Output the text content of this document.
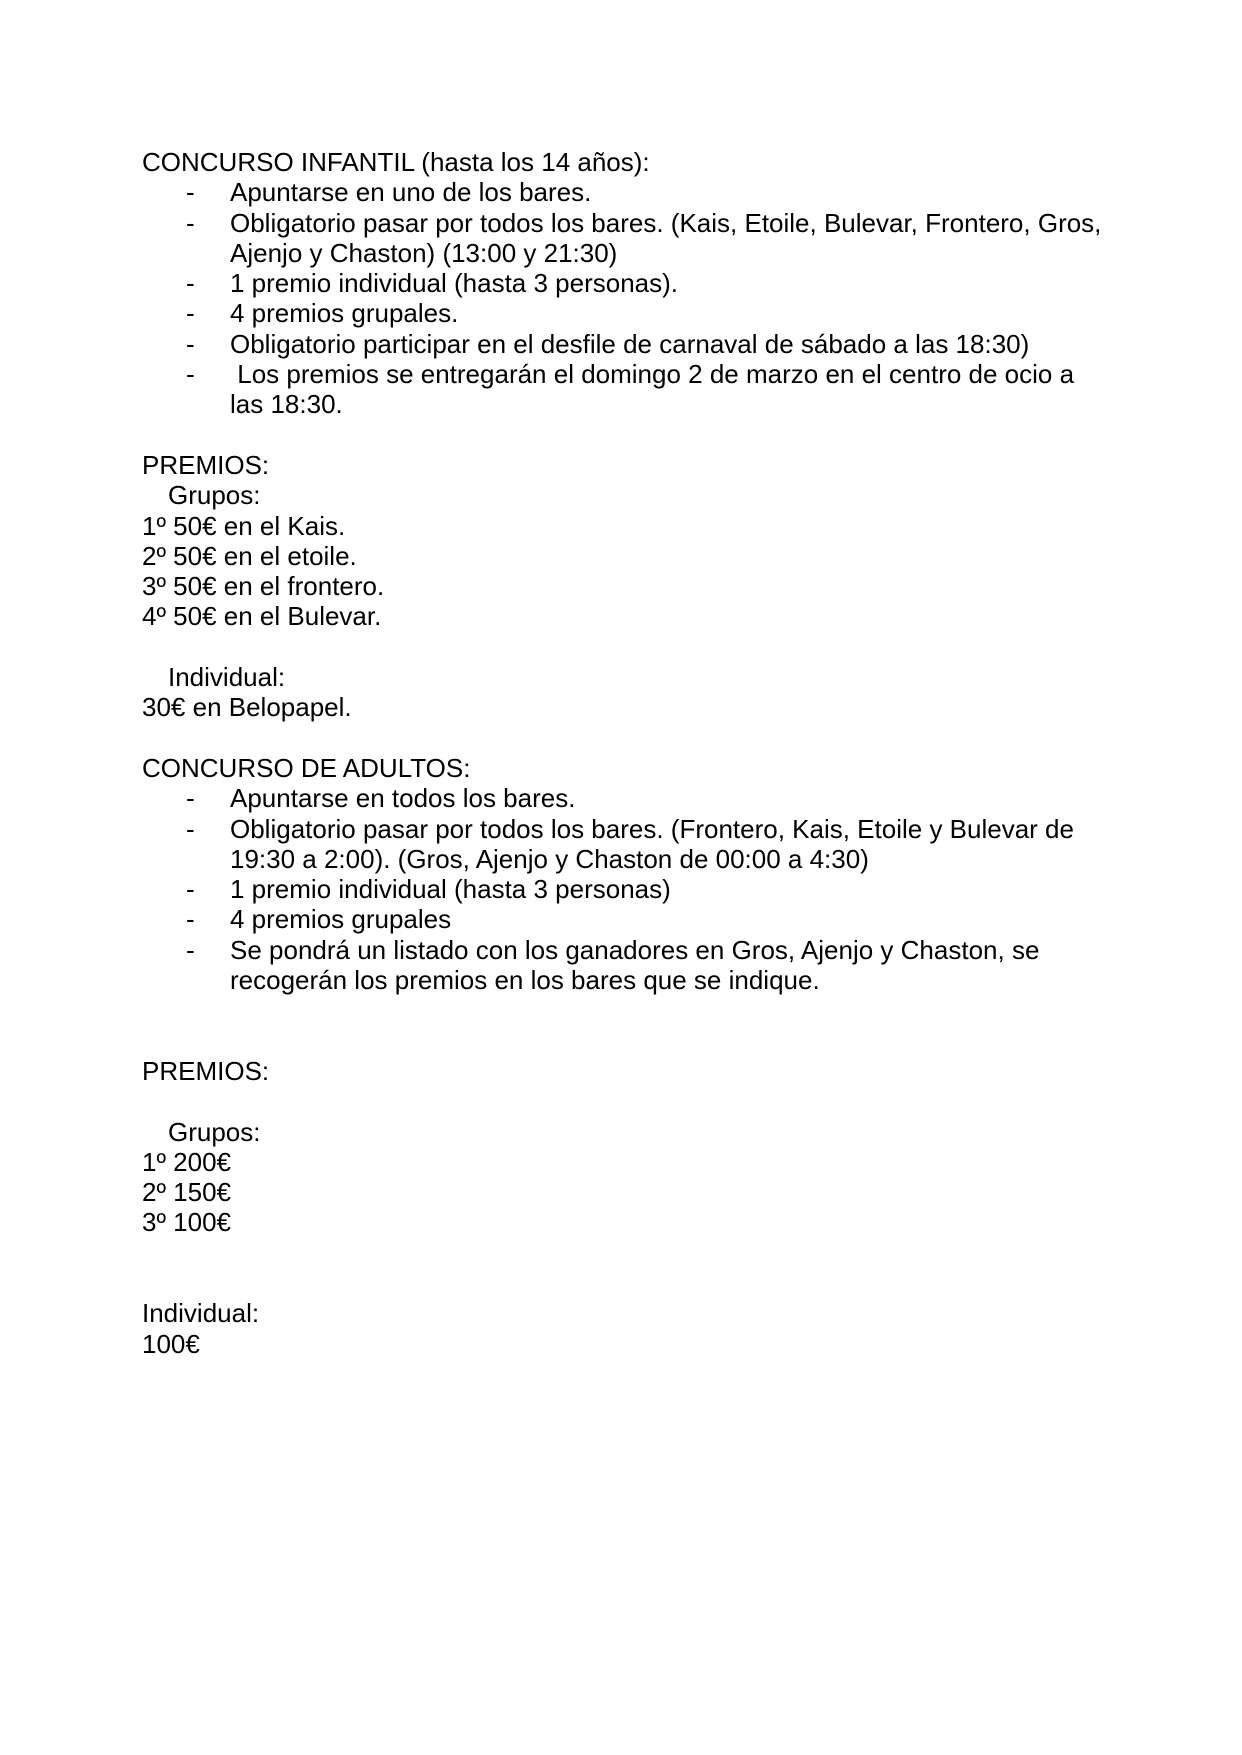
CONCURSO INFANTIL (hasta los 14 años):
-	Apuntarse en uno de los bares.
-	Obligatorio pasar por todos los bares. (Kais, Etoile, Bulevar, Frontero, Gros, Ajenjo y Chaston) (13:00 y 21:30)
-	1 premio individual (hasta 3 personas).
-	4 premios grupales.
-	Obligatorio participar en el desfile de carnaval de sábado a las 18:30)
-	Los premios se entregarán el domingo 2 de marzo en el centro de ocio a las 18:30.
PREMIOS:
Grupos:
1º 50€ en el Kais.
2º 50€ en el etoile.
3º 50€ en el frontero.
4º 50€ en el Bulevar.
Individual:
30€ en Belopapel.
CONCURSO DE ADULTOS:
-	Apuntarse en todos los bares.
-	Obligatorio pasar por todos los bares. (Frontero, Kais, Etoile y Bulevar de 19:30 a 2:00). (Gros, Ajenjo y Chaston de 00:00 a 4:30)
-	1 premio individual (hasta 3 personas)
-	4 premios grupales
-	Se pondrá un listado con los ganadores en Gros, Ajenjo y Chaston, se recogerán los premios en los bares que se indique.
PREMIOS:
Grupos:
1º 200€
2º 150€
3º 100€
Individual:
100€
